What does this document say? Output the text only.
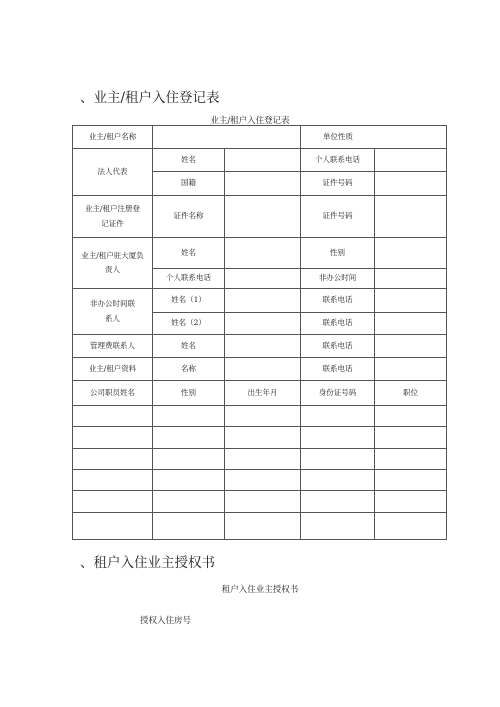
、业主/租户入住登记表
业主/租户入住登记表
业主/租户名称	单位性质
法人代表
姓名	个人联系电话
国籍	证件号码
业主/租户注册登记证件
证件名称	证件号码
业主/租户驻大厦负责人
姓名	性别
个人联系电话	非办公时间
非办公时间联系人
姓名（1）	联系电话
姓名（2）	联系电话
管理费联系人	姓名	联系电话
业主/租户资料	名称	联系电话
公司职员姓名	性别	出生年月	身份证号码	职位
、租户入住业主授权书
租户入住业主授权书
授权入住房号
